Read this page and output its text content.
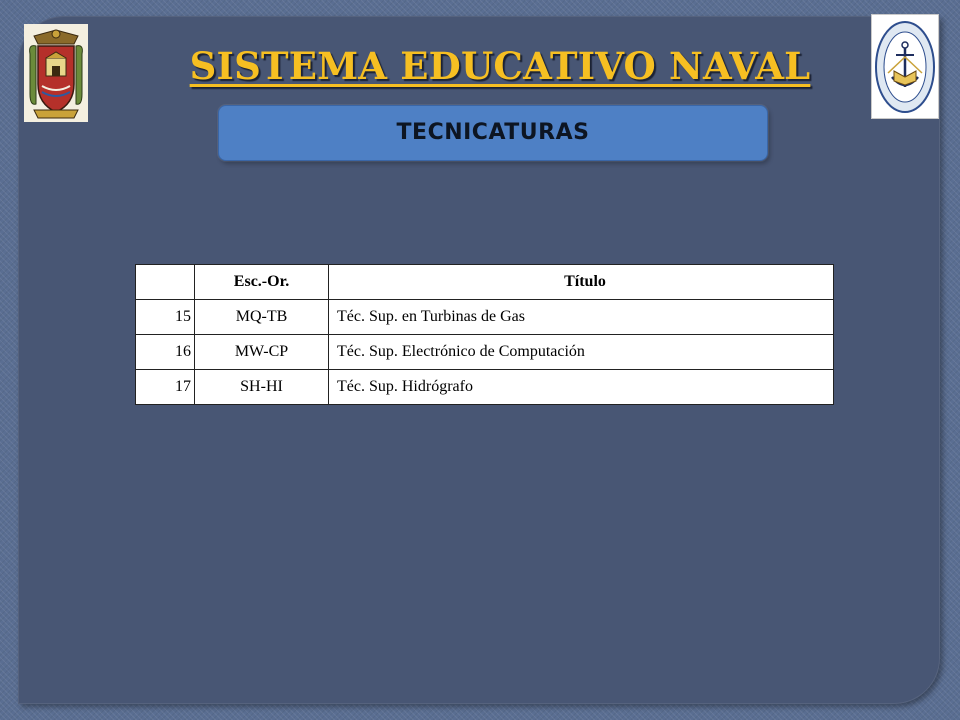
SISTEMA EDUCATIVO NAVAL
TECNICATURAS
	Esc.-Or.	Título
15	MQ-TB	Téc. Sup. en Turbinas de Gas
16	MW-CP	Téc. Sup. Electrónico de Computación
17	SH-HI	Téc. Sup. Hidrógrafo
